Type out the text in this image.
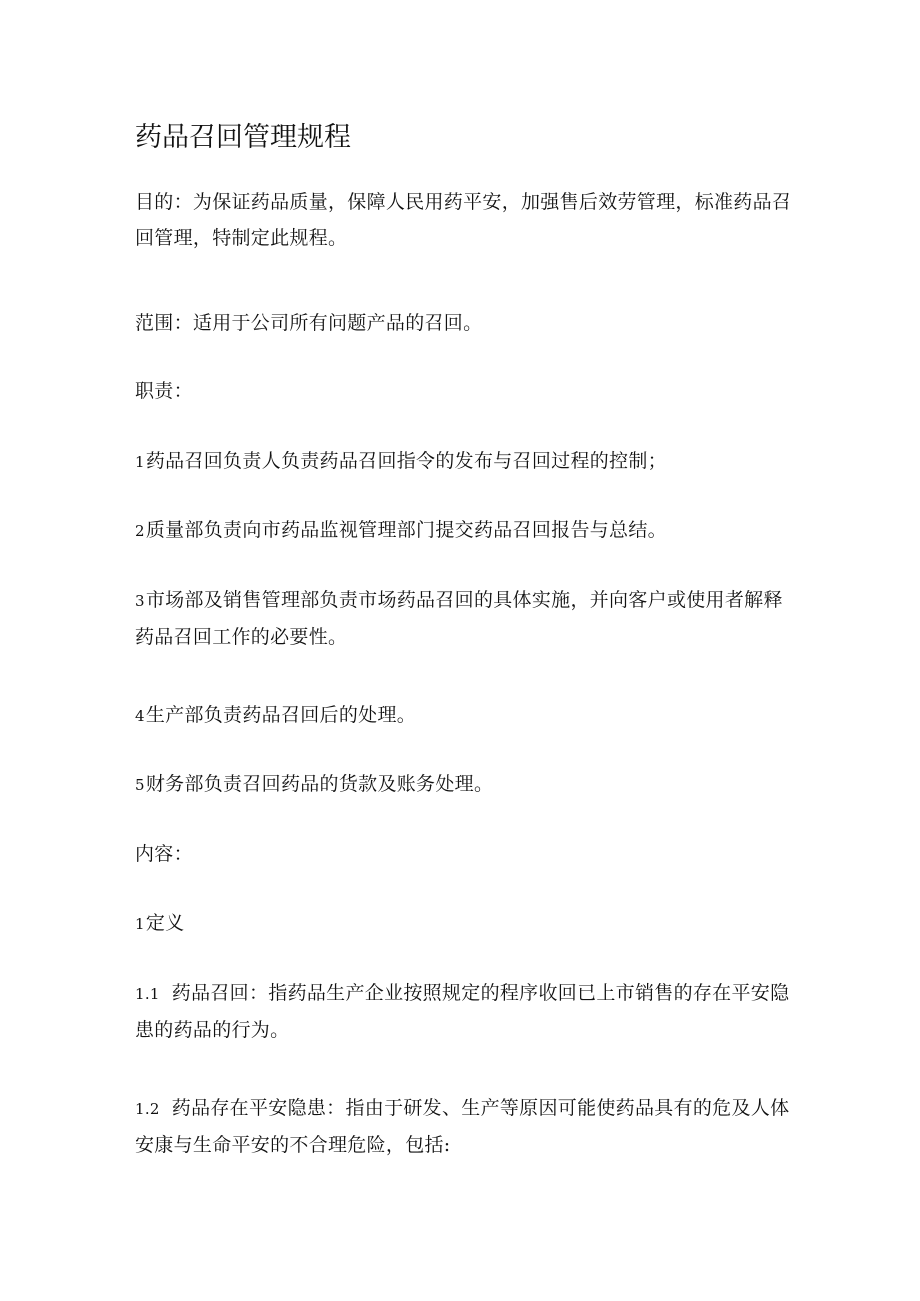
药品召回管理规程

目的：为保证药品质量，保障人民用药平安，加强售后效劳管理，标准药品召回管理，特制定此规程。

范围：适用于公司所有问题产品的召回。

职责：

1药品召回负责人负责药品召回指令的发布与召回过程的控制；

2质量部负责向市药品监视管理部门提交药品召回报告与总结。

3市场部及销售管理部负责市场药品召回的具体实施，并向客户或使用者解释药品召回工作的必要性。

4生产部负责药品召回后的处理。

5财务部负责召回药品的货款及账务处理。

内容：

1定义

1.1 药品召回：指药品生产企业按照规定的程序收回已上市销售的存在平安隐患的药品的行为。

1.2 药品存在平安隐患：指由于研发、生产等原因可能使药品具有的危及人体安康与生命平安的不合理危险，包括:
